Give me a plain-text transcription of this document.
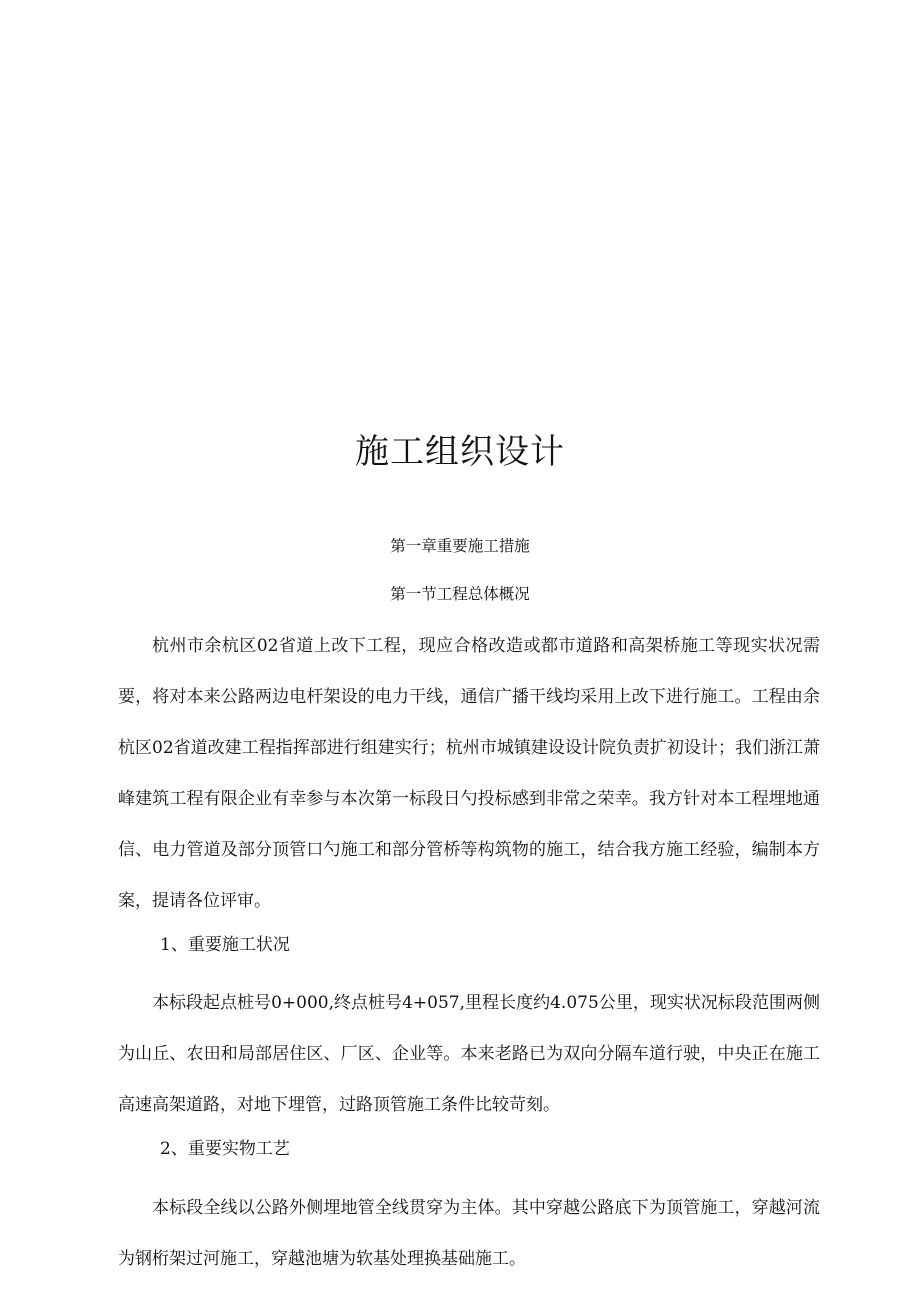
施工组织设计

第一章重要施工措施

第一节工程总体概况

杭州市余杭区02省道上改下工程，现应合格改造或都市道路和高架桥施工等现实状况需要，将对本来公路两边电杆架设的电力干线，通信广播干线均采用上改下进行施工。工程由余杭区02省道改建工程指挥部进行组建实行；杭州市城镇建设设计院负责扩初设计；我们浙江萧峰建筑工程有限企业有幸参与本次第一标段日勺投标感到非常之荣幸。我方针对本工程埋地通信、电力管道及部分顶管口勺施工和部分管桥等构筑物的施工，结合我方施工经验，编制本方案，提请各位评审。

1、重要施工状况

本标段起点桩号0+000,终点桩号4+057,里程长度约4.075公里，现实状况标段范围两侧为山丘、农田和局部居住区、厂区、企业等。本来老路已为双向分隔车道行驶，中央正在施工高速高架道路，对地下埋管，过路顶管施工条件比较苛刻。

2、重要实物工艺

本标段全线以公路外侧埋地管全线贯穿为主体。其中穿越公路底下为顶管施工，穿越河流为钢桁架过河施工，穿越池塘为软基处理换基础施工。
